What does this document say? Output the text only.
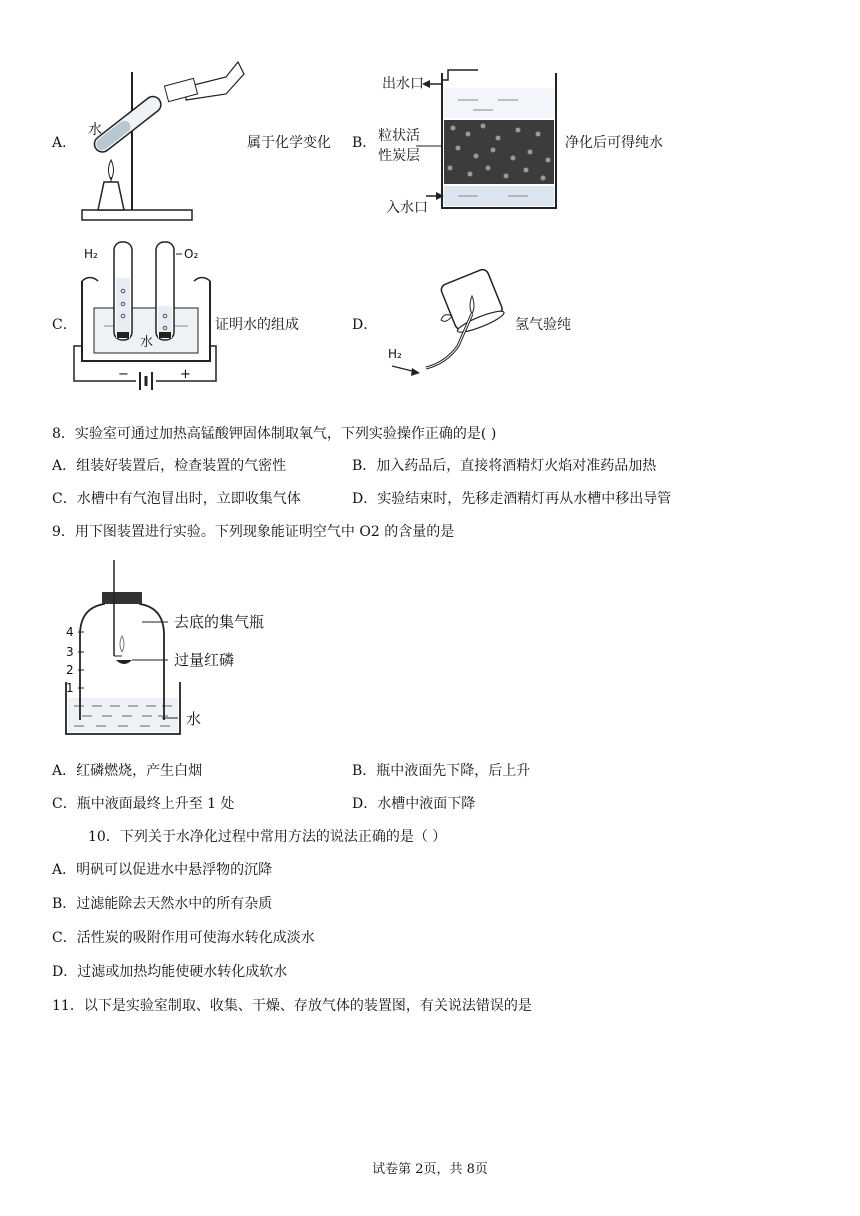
A．
水
属于化学变化 B．
出水口
粒状活
性炭层
入水口
净化后可得纯水
C．
H₂	O₂
水
−	+
证明水的组成	D．
H₂
氢气验纯
8．实验室可通过加热高锰酸钾固体制取氧气，下列实验操作正确的是( )
A．组装好装置后，检查装置的气密性	B．加入药品后，直接将酒精灯火焰对准药品加热
C．水槽中有气泡冒出时，立即收集气体	D．实验结束时，先移走酒精灯再从水槽中移出导管
9．用下图装置进行实验。下列现象能证明空气中 O2 的含量的是
4
3
2
1
去底的集气瓶
过量红磷
水
A．红磷燃烧，产生白烟	B．瓶中液面先下降，后上升
C．瓶中液面最终上升至 1 处	D．水槽中液面下降
10．下列关于水净化过程中常用方法的说法正确的是（ ）
A．明矾可以促进水中悬浮物的沉降
B．过滤能除去天然水中的所有杂质
C．活性炭的吸附作用可使海水转化成淡水
D．过滤或加热均能使硬水转化成软水
11．以下是实验室制取、收集、干燥、存放气体的装置图，有关说法错误的是
试卷第 2页，共 8页
